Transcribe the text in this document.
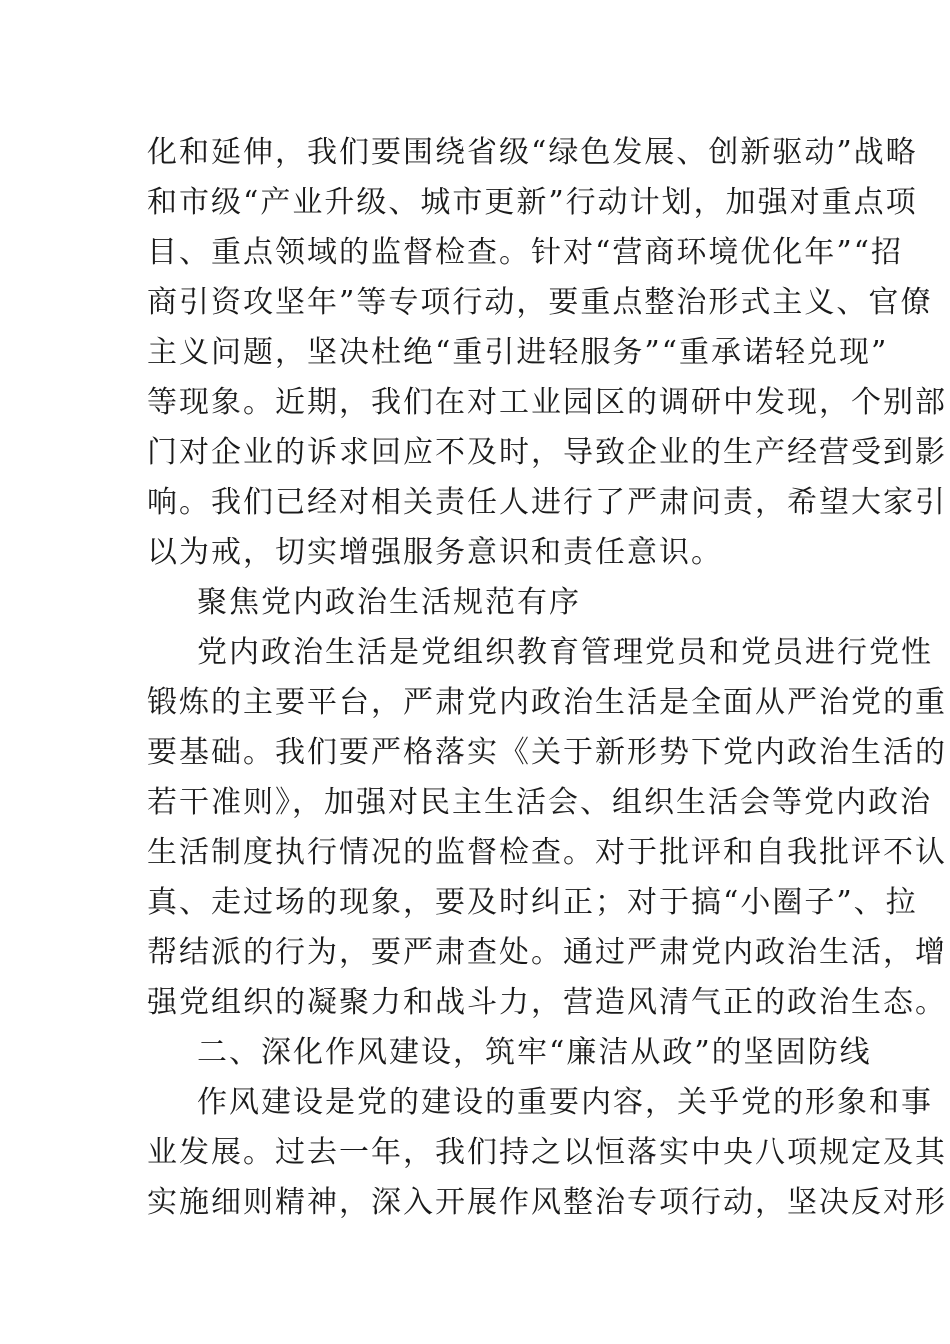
化和延伸，我们要围绕省级“绿色发展、创新驱动”战略
和市级“产业升级、城市更新”行动计划，加强对重点项
目、重点领域的监督检查。针对“营商环境优化年”“招
商引资攻坚年”等专项行动，要重点整治形式主义、官僚
主义问题，坚决杜绝“重引进轻服务”“重承诺轻兑现”
等现象。近期，我们在对工业园区的调研中发现，个别部
门对企业的诉求回应不及时，导致企业的生产经营受到影
响。我们已经对相关责任人进行了严肃问责，希望大家引
以为戒，切实增强服务意识和责任意识。
聚焦党内政治生活规范有序
党内政治生活是党组织教育管理党员和党员进行党性
锻炼的主要平台，严肃党内政治生活是全面从严治党的重
要基础。我们要严格落实《关于新形势下党内政治生活的
若干准则》，加强对民主生活会、组织生活会等党内政治
生活制度执行情况的监督检查。对于批评和自我批评不认
真、走过场的现象，要及时纠正；对于搞“小圈子”、拉
帮结派的行为，要严肃查处。通过严肃党内政治生活，增
强党组织的凝聚力和战斗力，营造风清气正的政治生态。
二、深化作风建设，筑牢“廉洁从政”的坚固防线
作风建设是党的建设的重要内容，关乎党的形象和事
业发展。过去一年，我们持之以恒落实中央八项规定及其
实施细则精神，深入开展作风整治专项行动，坚决反对形
